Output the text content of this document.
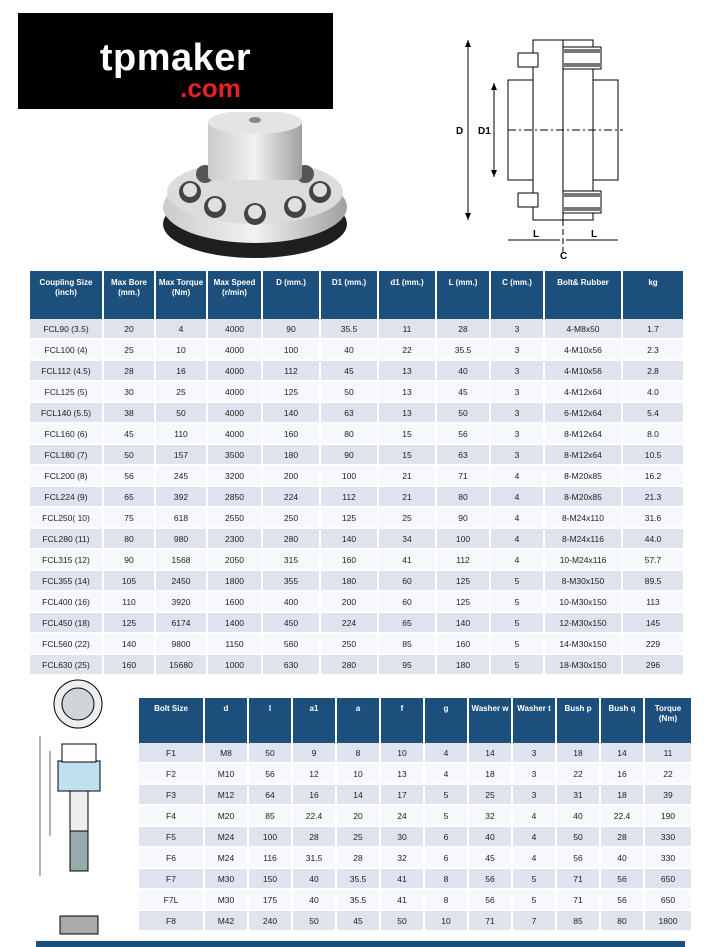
tpmaker
.com
D D1
L	L
C
Coupling Size (inch)	Max Bore (mm.)	Max Torque (Nm)	Max Speed (r/min)	D (mm.)	D1 (mm.)	d1 (mm.)	L (mm.)	C (mm.)	Bolt& Rubber	kg
FCL90 (3.5)	20	4	4000	90	35.5	11	28	3	4-M8x50	1.7
FCL100 (4)	25	10	4000	100	40	22	35.5	3	4-M10x56	2.3
FCL112 (4.5)	28	16	4000	112	45	13	40	3	4-M10x56	2.8
FCL125 (5)	30	25	4000	125	50	13	45	3	4-M12x64	4.0
FCL140 (5.5)	38	50	4000	140	63	13	50	3	6-M12x64	5.4
FCL160 (6)	45	110	4000	160	80	15	56	3	8-M12x64	8.0
FCL180 (7)	50	157	3500	180	90	15	63	3	8-M12x64	10.5
FCL200 (8)	56	245	3200	200	100	21	71	4	8-M20x85	16.2
FCL224 (9)	65	392	2850	224	112	21	80	4	8-M20x85	21.3
FCL250( 10)	75	618	2550	250	125	25	90	4	8-M24x110	31.6
FCL280 (11)	80	980	2300	280	140	34	100	4	8-M24x116	44.0
FCL315 (12)	90	1568	2050	315	160	41	112	4	10-M24x116	57.7
FCL355 (14)	105	2450	1800	355	180	60	125	5	8-M30x150	89.5
FCL400 (16)	110	3920	1600	400	200	60	125	5	10-M30x150	113
FCL450 (18)	125	6174	1400	450	224	65	140	5	12-M30x150	145
FCL560 (22)	140	9800	1150	560	250	85	160	5	14-M30x150	229
FCL630 (25)	160	15680	1000	630	280	95	180	5	18-M30x150	296
Bolt Size	d	l	a1	a	f	g	Washer w	Washer t	Bush p	Bush q	Torque (Nm)
F1	M8	50	9	8	10	4	14	3	18	14	11
F2	M10	56	12	10	13	4	18	3	22	16	22
F3	M12	64	16	14	17	5	25	3	31	18	39
F4	M20	85	22.4	20	24	5	32	4	40	22.4	190
F5	M24	100	28	25	30	6	40	4	50	28	330
F6	M24	116	31.5	28	32	6	45	4	56	40	330
F7	M30	150	40	35.5	41	8	56	5	71	56	650
F7L	M30	175	40	35.5	41	8	56	5	71	56	650
F8	M42	240	50	45	50	10	71	7	85	80	1800
